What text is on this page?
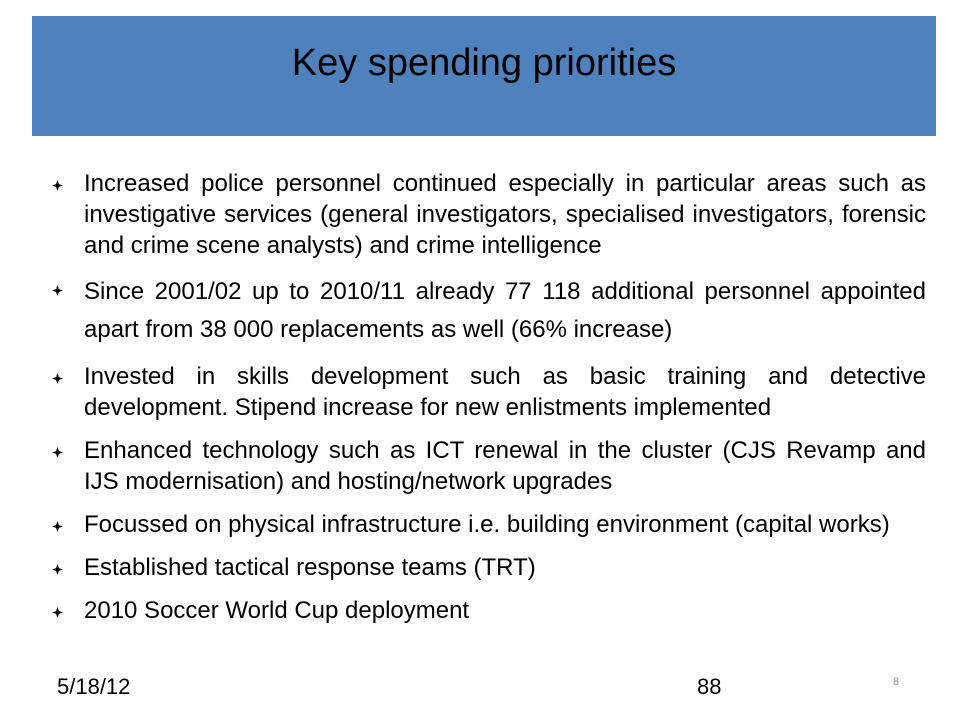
Key spending priorities
Increased police personnel continued especially in particular areas such as investigative services (general investigators, specialised investigators, forensic and crime scene analysts) and crime intelligence
Since 2001/02 up to 2010/11 already 77 118 additional personnel appointed apart from 38 000 replacements as well (66% increase)
Invested in skills development such as basic training and detective development. Stipend increase for new enlistments implemented
Enhanced technology such as ICT renewal in the cluster (CJS Revamp and IJS modernisation) and hosting/network upgrades
Focussed on physical infrastructure i.e. building environment (capital works)
Established tactical response teams (TRT)
2010 Soccer World Cup deployment
5/18/12	88	8
